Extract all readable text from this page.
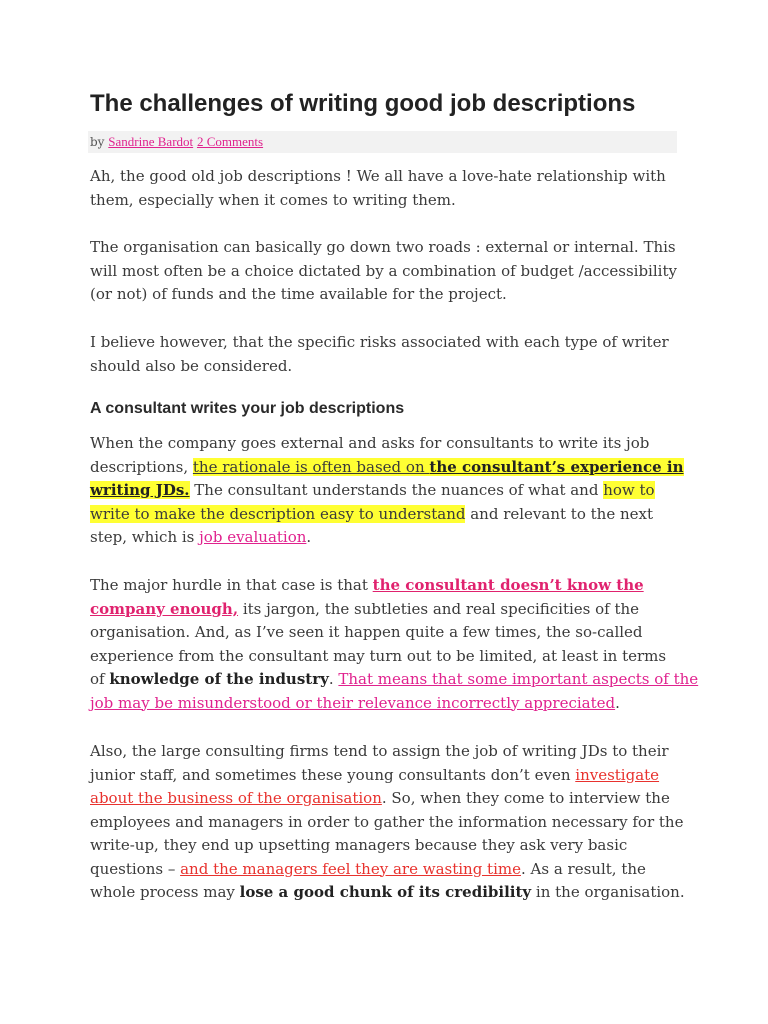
The challenges of writing good job descriptions
by Sandrine Bardot 2 Comments
Ah, the good old job descriptions ! We all have a love-hate relationship with
them, especially when it comes to writing them.
The organisation can basically go down two roads : external or internal. This
will most often be a choice dictated by a combination of budget /accessibility
(or not) of funds and the time available for the project.
I believe however, that the specific risks associated with each type of writer
should also be considered.
A consultant writes your job descriptions
When the company goes external and asks for consultants to write its job
descriptions, the rationale is often based on the consultant’s experience in
writing JDs. The consultant understands the nuances of what and how to
write to make the description easy to understand and relevant to the next
step, which is job evaluation.
The major hurdle in that case is that the consultant doesn’t know the
company enough, its jargon, the subtleties and real specificities of the
organisation. And, as I’ve seen it happen quite a few times, the so-called
experience from the consultant may turn out to be limited, at least in terms
of knowledge of the industry. That means that some important aspects of the
job may be misunderstood or their relevance incorrectly appreciated.
Also, the large consulting firms tend to assign the job of writing JDs to their
junior staff, and sometimes these young consultants don’t even investigate
about the business of the organisation. So, when they come to interview the
employees and managers in order to gather the information necessary for the
write-up, they end up upsetting managers because they ask very basic
questions – and the managers feel they are wasting time. As a result, the
whole process may lose a good chunk of its credibility in the organisation.
